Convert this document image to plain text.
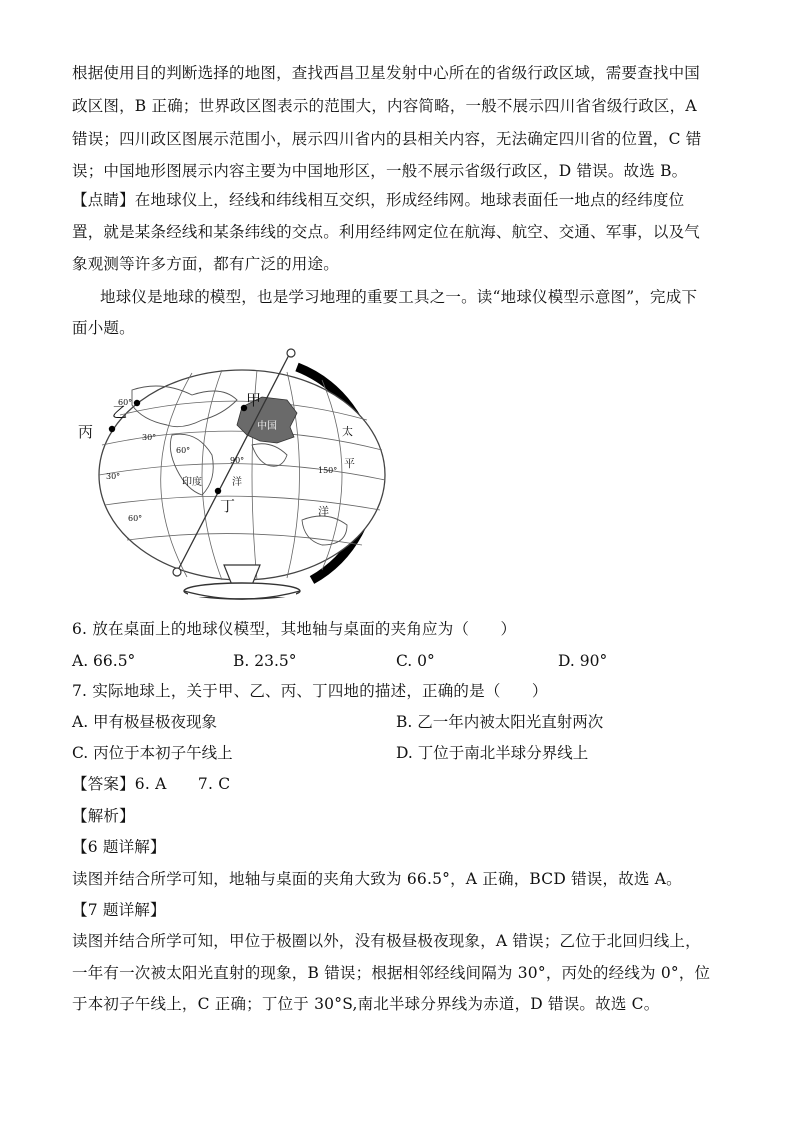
根据使用目的判断选择的地图，查找西昌卫星发射中心所在的省级行政区域，需要查找中国
政区图，B 正确；世界政区图表示的范围大，内容简略，一般不展示四川省省级行政区，A
错误；四川政区图展示范围小，展示四川省内的县相关内容，无法确定四川省的位置，C 错
误；中国地形图展示内容主要为中国地形区，一般不展示省级行政区，D 错误。故选 B。
【点睛】在地球仪上，经线和纬线相互交织，形成经纬网。地球表面任一地点的经纬度位
置，就是某条经线和某条纬线的交点。利用经纬网定位在航海、航空、交通、军事，以及气
象观测等许多方面，都有广泛的用途。
地球仪是地球的模型，也是学习地理的重要工具之一。读“地球仪模型示意图”，完成下
面小题。
中国
甲
乙
丙
丁
太
平
洋
印度	洋
30°
30°
60°
60°
90°
150°
60°
6. 放在桌面上的地球仪模型，其地轴与桌面的夹角应为（　　）
A. 66.5°	B. 23.5°	C. 0°	D. 90°
7. 实际地球上，关于甲、乙、丙、丁四地的描述，正确的是（　　）
A. 甲有极昼极夜现象	B. 乙一年内被太阳光直射两次
C. 丙位于本初子午线上	D. 丁位于南北半球分界线上
【答案】6. A　　7. C
【解析】
【6 题详解】
读图并结合所学可知，地轴与桌面的夹角大致为 66.5°，A 正确，BCD 错误，故选 A。
【7 题详解】
读图并结合所学可知，甲位于极圈以外，没有极昼极夜现象，A 错误；乙位于北回归线上，
一年有一次被太阳光直射的现象，B 错误；根据相邻经线间隔为 30°，丙处的经线为 0°，位
于本初子午线上，C 正确；丁位于 30°S,南北半球分界线为赤道，D 错误。故选 C。
